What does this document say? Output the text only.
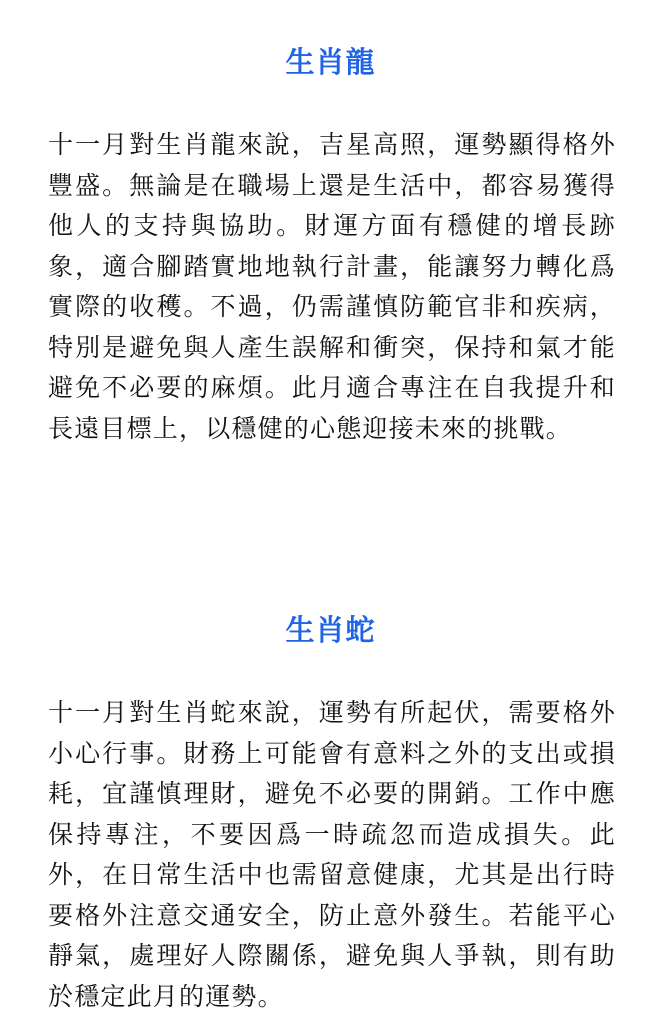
生肖龍

十一月對生肖龍來說，吉星高照，運勢顯得格外豐盛。無論是在職場上還是生活中，都容易獲得他人的支持與協助。財運方面有穩健的增長跡象，適合腳踏實地地執行計畫，能讓努力轉化爲實際的收穫。不過，仍需謹慎防範官非和疾病，特別是避免與人產生誤解和衝突，保持和氣才能避免不必要的麻煩。此月適合專注在自我提升和長遠目標上，以穩健的心態迎接未來的挑戰。

生肖蛇

十一月對生肖蛇來說，運勢有所起伏，需要格外小心行事。財務上可能會有意料之外的支出或損耗，宜謹慎理財，避免不必要的開銷。工作中應保持專注，不要因爲一時疏忽而造成損失。此外，在日常生活中也需留意健康，尤其是出行時要格外注意交通安全，防止意外發生。若能平心靜氣，處理好人際關係，避免與人爭執，則有助於穩定此月的運勢。
